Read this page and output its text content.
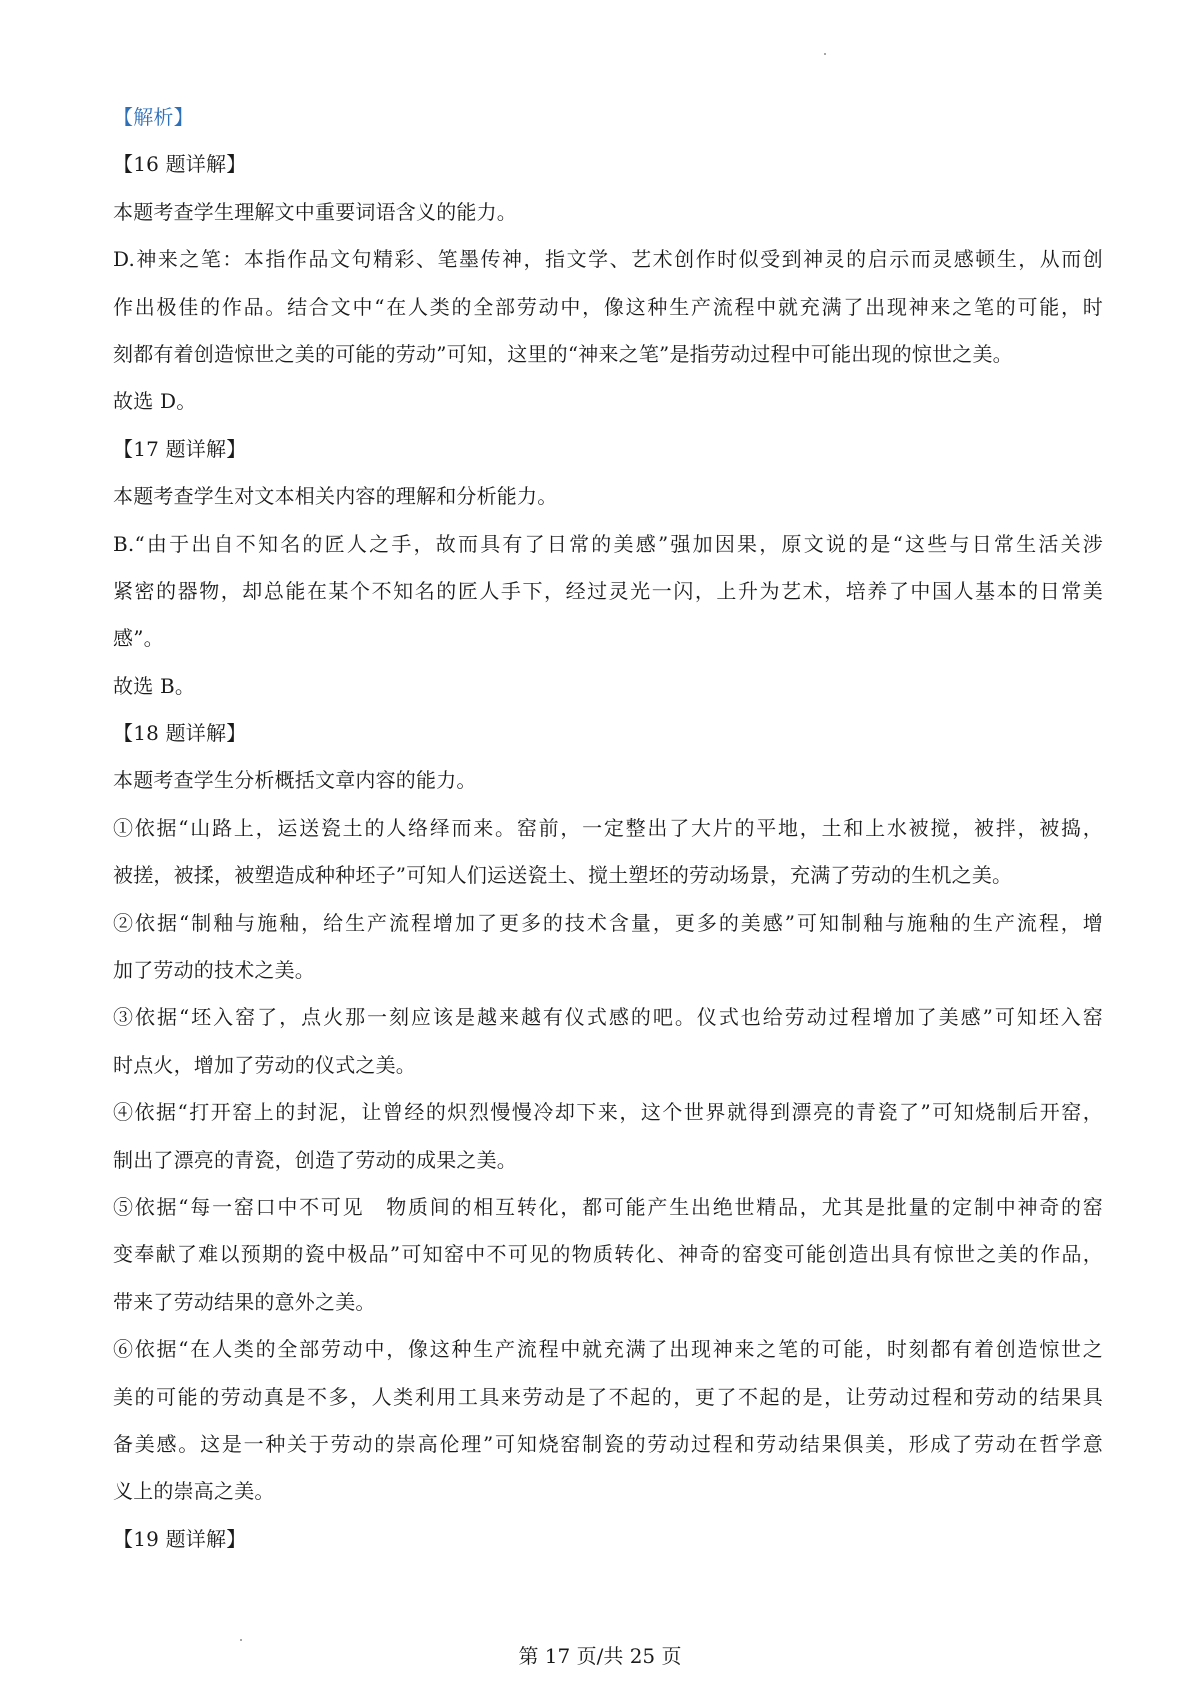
【解析】
【16 题详解】
本题考查学生理解文中重要词语含义的能力。
D.神来之笔：本指作品文句精彩、笔墨传神，指文学、艺术创作时似受到神灵的启示而灵感顿生，从而创
作出极佳的作品。结合文中“在人类的全部劳动中，像这种生产流程中就充满了出现神来之笔的可能，时
刻都有着创造惊世之美的可能的劳动”可知，这里的“神来之笔”是指劳动过程中可能出现的惊世之美。
故选 D。
【17 题详解】
本题考查学生对文本相关内容的理解和分析能力。
B.“由于出自不知名的匠人之手，故而具有了日常的美感”强加因果，原文说的是“这些与日常生活关涉
紧密的器物，却总能在某个不知名的匠人手下，经过灵光一闪，上升为艺术，培养了中国人基本的日常美
感”。
故选 B。
【18 题详解】
本题考查学生分析概括文章内容的能力。
①依据“山路上，运送瓷土的人络绎而来。窑前，一定整出了大片的平地，土和上水被搅，被拌，被捣，
被搓，被揉，被塑造成种种坯子”可知人们运送瓷土、搅土塑坯的劳动场景，充满了劳动的生机之美。
②依据“制釉与施釉，给生产流程增加了更多的技术含量，更多的美感”可知制釉与施釉的生产流程，增
加了劳动的技术之美。
③依据“坯入窑了，点火那一刻应该是越来越有仪式感的吧。仪式也给劳动过程增加了美感”可知坯入窑
时点火，增加了劳动的仪式之美。
④依据“打开窑上的封泥，让曾经的炽烈慢慢冷却下来，这个世界就得到漂亮的青瓷了”可知烧制后开窑，
制出了漂亮的青瓷，创造了劳动的成果之美。
⑤依据“每一窑口中不可见　物质间的相互转化，都可能产生出绝世精品，尤其是批量的定制中神奇的窑
变奉献了难以预期的瓷中极品”可知窑中不可见的物质转化、神奇的窑变可能创造出具有惊世之美的作品，
带来了劳动结果的意外之美。
⑥依据“在人类的全部劳动中，像这种生产流程中就充满了出现神来之笔的可能，时刻都有着创造惊世之
美的可能的劳动真是不多，人类利用工具来劳动是了不起的，更了不起的是，让劳动过程和劳动的结果具
备美感。这是一种关于劳动的崇高伦理”可知烧窑制瓷的劳动过程和劳动结果俱美，形成了劳动在哲学意
义上的崇高之美。
【19 题详解】
第 17 页/共 25 页
